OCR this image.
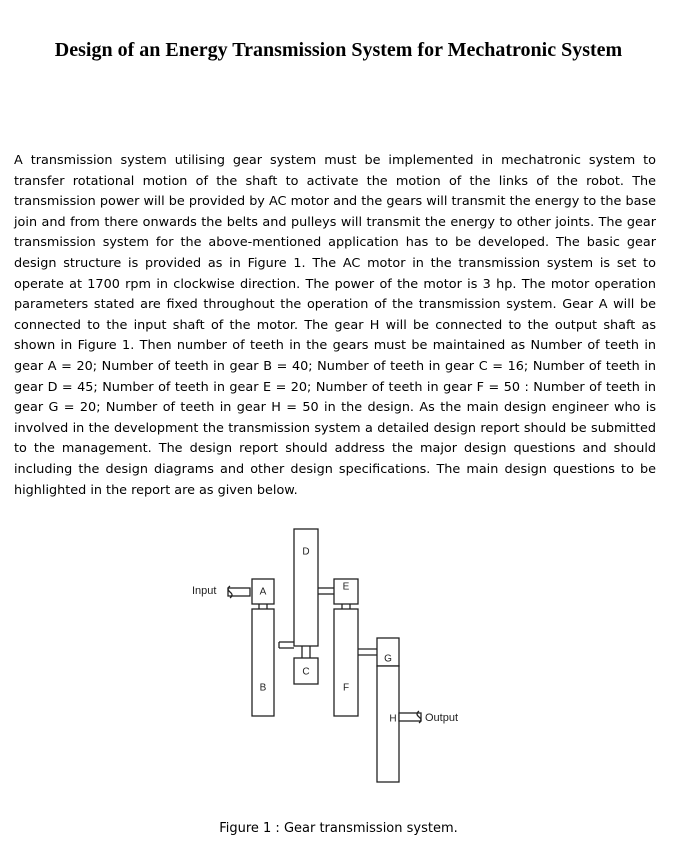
Design of an Energy Transmission System for Mechatronic System

A transmission system utilising gear system must be implemented in mechatronic system to transfer rotational motion of the shaft to activate the motion of the links of the robot. The transmission power will be provided by AC motor and the gears will transmit the energy to the base join and from there onwards the belts and pulleys will transmit the energy to other joints. The gear transmission system for the above-mentioned application has to be developed. The basic gear design structure is provided as in Figure 1. The AC motor in the transmission system is set to operate at 1700 rpm in clockwise direction. The power of the motor is 3 hp. The motor operation parameters stated are fixed throughout the operation of the transmission system. Gear A will be connected to the input shaft of the motor. The gear H will be connected to the output shaft as shown in Figure 1. Then number of teeth in the gears must be maintained as Number of teeth in gear A = 20; Number of teeth in gear B = 40; Number of teeth in gear C = 16; Number of teeth in gear D = 45; Number of teeth in gear E = 20; Number of teeth in gear F = 50 : Number of teeth in gear G = 20; Number of teeth in gear H = 50 in the design. As the main design engineer who is involved in the development the transmission system a detailed design report should be submitted to the management. The design report should address the major design questions and should including the design diagrams and other design specifications. The main design questions to be highlighted in the report are as given below.

Input
Output
A
B
C
D
E
F
G
H
Figure 1 : Gear transmission system.
